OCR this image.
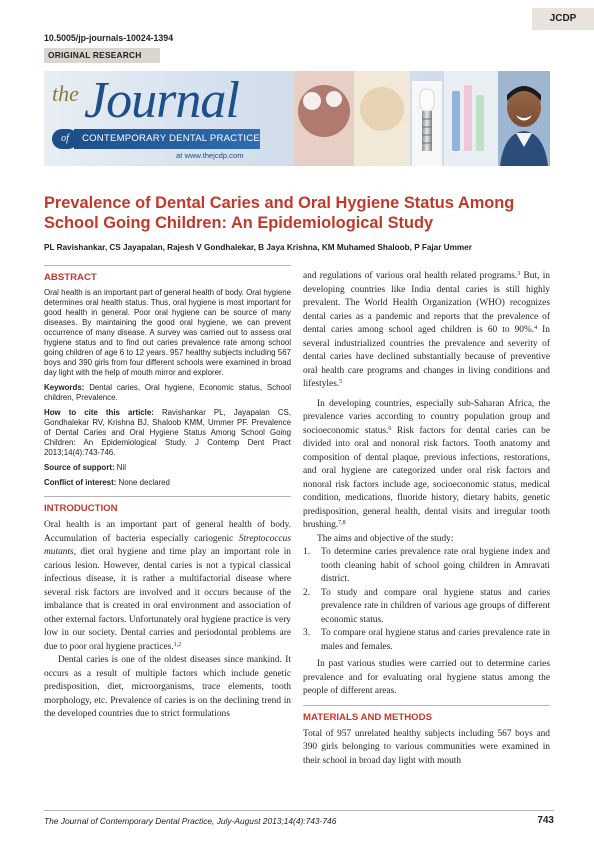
JCDP
10.5005/jp-journals-10024-1394
ORIGINAL RESEARCH
the Journal
CONTEMPORARY DENTAL PRACTICE
of
at www.thejcdp.com
Prevalence of Dental Caries and Oral Hygiene Status Among School Going Children: An Epidemiological Study
PL Ravishankar, CS Jayapalan, Rajesh V Gondhalekar, B Jaya Krishna, KM Muhamed Shaloob, P Fajar Ummer
ABSTRACT

Oral health is an important part of general health of body. Oral hygiene determines oral health status. Thus, oral hygiene is most important for good health in general. Poor oral hygiene can be source of many diseases. By maintaining the good oral hygiene, we can prevent occurrence of many disease. A survey was carried out to assess oral hygiene status and to find out caries prevalence rate among school going children of age 6 to 12 years. 957 healthy subjects including 567 boys and 390 girls from four different schools were examined in broad day light with the help of mouth mirror and explorer.

Keywords: Dental caries, Oral hygiene, Economic status, School children, Prevalence.

How to cite this article: Ravishankar PL, Jayapalan CS, Gondhalekar RV, Krishna BJ, Shaloob KMM, Ummer PF. Prevalence of Dental Caries and Oral Hygiene Status Among School Going Children: An Epidemiological Study. J Contemp Dent Pract 2013;14(4):743-746.

Source of support: Nil

Conflict of interest: None declared

INTRODUCTION

Oral health is an important part of general health of body. Accumulation of bacteria especially cariogenic Streptococcus mutants, diet oral hygiene and time play an important role in carious lesion. However, dental caries is not a typical classical infectious disease, it is rather a multifactorial disease where several risk factors are involved and it occurs because of the imbalance that is created in oral environment and association of other external factors. Unfortunately oral hygiene practice is very low in our society. Dental carries and periodontal problems are due to poor oral hygiene practices.$^{1,2}$

Dental caries is one of the oldest diseases since mankind. It occurs as a result of multiple factors which include genetic predisposition, diet, microorganisms, trace elements, tooth morphology, etc. Prevalence of caries is on the declining trend in the developed countries due to strict formulations

and regulations of various oral health related programs.$^3$ But, in developing countries like India dental caries is still highly prevalent. The World Health Organization (WHO) recognizes dental caries as a pandemic and reports that the prevalence of dental caries among school aged children is 60 to 90%.$^4$ In several industrialized countries the prevalence and severity of dental caries have declined substantially because of preventive oral health care programs and changes in living conditions and lifestyles.$^5$

In developing countries, especially sub-Saharan Africa, the prevalence varies according to country population group and socioeconomic status.$^6$ Risk factors for dental caries can be divided into oral and nonoral risk factors. Tooth anatomy and composition of dental plaque, previous infections, restorations, and oral hygiene are categorized under oral risk factors and nonoral risk factors include age, socioeconomic status, medical condition, medications, fluoride history, dietary habits, genetic predisposition, general health, dental visits and irregular tooth brushing.$^{7,8}$

The aims and objective of the study:

1. To determine caries prevalence rate oral hygiene index and tooth cleaning habit of school going children in Amravati district.
2. To study and compare oral hygiene status and caries prevalence rate in children of various age groups of different economic status.
3. To compare oral hygiene status and caries prevalence rate in males and females.

In past various studies were carried out to determine caries prevalence and for evaluating oral hygiene status among the people of different areas.

MATERIALS AND METHODS

Total of 957 unrelated healthy subjects including 567 boys and 390 girls belonging to various communities were examined in their school in broad day light with mouth

The Journal of Contemporary Dental Practice, July-August 2013;14(4):743-746	743
